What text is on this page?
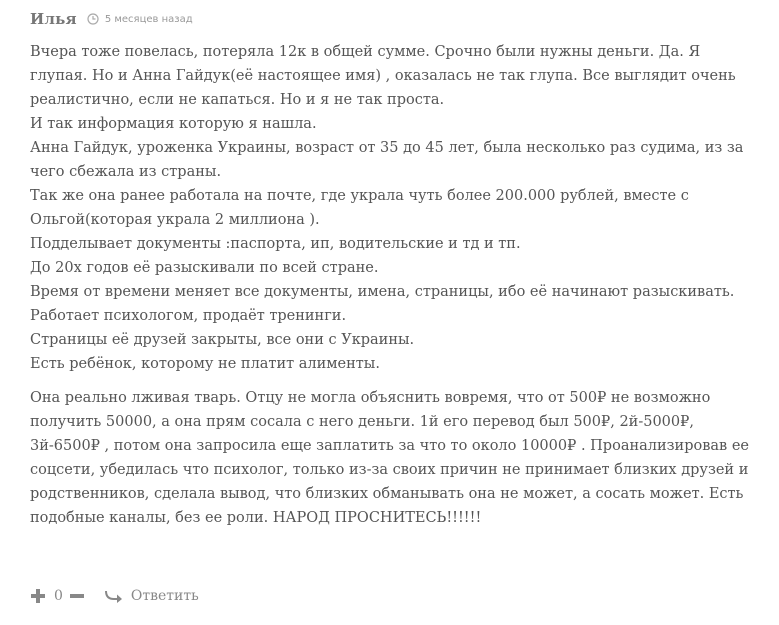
Илья	5 месяцев назад

Вчера тоже повелась, потеряла 12к в общей сумме. Срочно были нужны деньги. Да. Я глупая. Но и Анна Гайдук(её настоящее имя) , оказалась не так глупа. Все выглядит очень реалистично, если не капаться. Но и я не так проста.
И так информация которую я нашла.
Анна Гайдук, уроженка Украины, возраст от 35 до 45 лет, была несколько раз судима, из за чего сбежала из страны.
Так же она ранее работала на почте, где украла чуть более 200.000 рублей, вместе с Ольгой(которая украла 2 миллиона ).
Подделывает документы :паспорта, ип, водительские и тд и тп.
До 20х годов её разыскивали по всей стране.
Время от времени меняет все документы, имена, страницы, ибо её начинают разыскивать.
Работает психологом, продаёт тренинги.
Страницы её друзей закрыты, все они с Украины.
Есть ребёнок, которому не платит алименты.

Она реально лживая тварь. Отцу не могла объяснить вовремя, что от 500₽ не возможно получить 50000, а она прям сосала с него деньги. 1й его перевод был 500₽, 2й-5000₽, 3й-6500₽ , потом она запросила еще заплатить за что то около 10000₽ . Проанализировав ее соцсети, убедилась что психолог, только из-за своих причин не принимает близких друзей и родственников, сделала вывод, что близких обманывать она не может, а сосать может. Есть подобные каналы, без ее роли. НАРОД ПРОСНИТЕСЬ!!!!!!

0	Ответить
